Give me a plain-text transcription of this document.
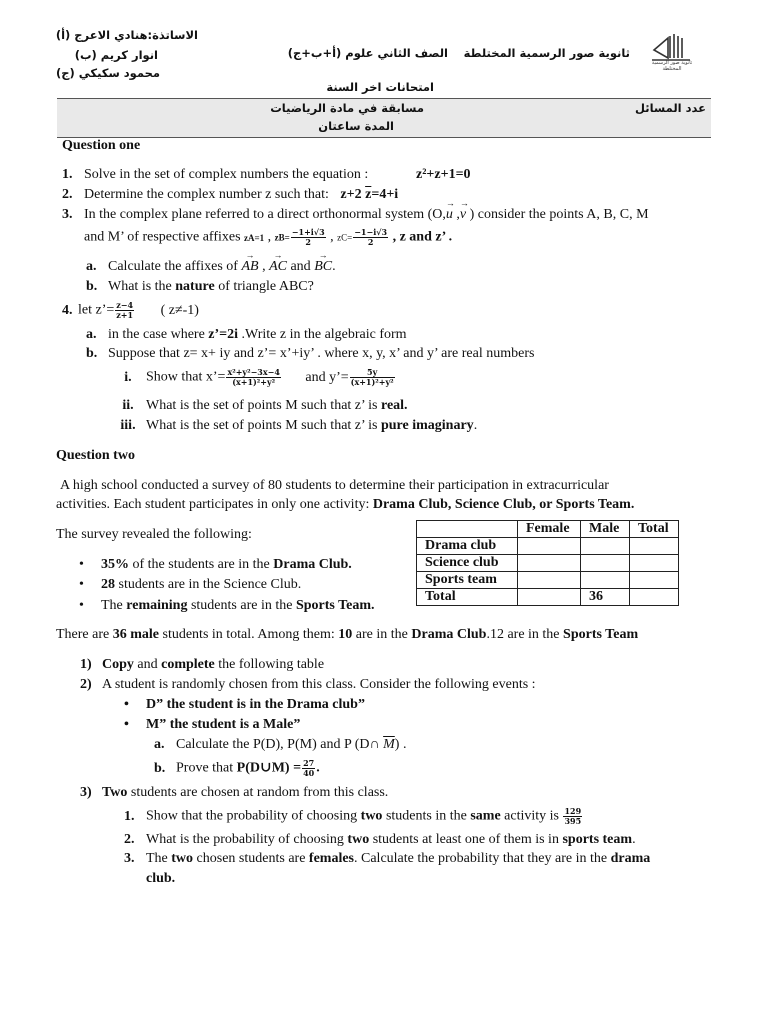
الاساتذة:هنادي الاعرج (أ)
انوار كريم (ب)
محمود سكيكي (ج)
الصف الثاني علوم (أ+ب+ج) ثانوية صور الرسمية المختلطة
ثانوية صور الرسمية المختلطة
امتحانات اخر السنة
مسابقة في مادة الرياضيات
المدة ساعتان
عدد المسائل
Question one
1. Solve in the set of complex numbers the equation :	z²+z+1=0
2. Determine the complex number z such that: z+2 $\overline{z}=4+i$
3. In the complex plane referred to a direct orthonormal system (O,→ u ,→ v ) consider the points A, B, C, M
and M’ of respective affixes zA=1 , $zB= \frac{-1+i√3}{2}$ , $zC= \frac{-1-i√3}{2}$ , z and z’ .
a. Calculate the affixes of → AB , → AC and → BC.
b. What is the nature of triangle ABC?
4. let z’= $\frac{z-4}{z+1}$ ( z≠-1)
a. in the case where z’=2i .Write z in the algebraic form
b. Suppose that z= x+ iy and z’= x’+iy’ . where x, y, x’ and y’ are real numbers
i. Show that x’= $\frac{\text{x²+y²−3x−4}}{\text{(x+1)²+y²}}$ and y’= $\frac{5y}{\text{(x+1)²+y²}}$
ii. What is the set of points M such that z’ is real.
iii. What is the set of points M such that z’ is pure imaginary.
Question two
A high school conducted a survey of 80 students to determine their participation in extracurricular
activities. Each student participates in only one activity: Drama Club, Science Club, or Sports Team.
The survey revealed the following:
• 35% of the students are in the Drama Club.
• 28 students are in the Science Club.
• The remaining students are in the Sports Team.
	Female	Male	Total
Drama club			
Science club			
Sports team			
Total		36	
There are 36 male students in total. Among them: 10 are in the Drama Club.12 are in the Sports Team
1) Copy and complete the following table
2) A student is randomly chosen from this class. Consider the following events :
• D” the student is in the Drama club”
• M” the student is a Male”
a. Calculate the P(D), P(M) and P (D∩ $\overline{M}$) .
b. Prove that P(D∪M) = $\frac{27}{40}$ .
3) Two students are chosen at random from this class.
1. Show that the probability of choosing two students in the same activity is $\frac{129}{395}$
2. What is the probability of choosing two students at least one of them is in sports team.
3. The two chosen students are females. Calculate the probability that they are in the drama
club.
